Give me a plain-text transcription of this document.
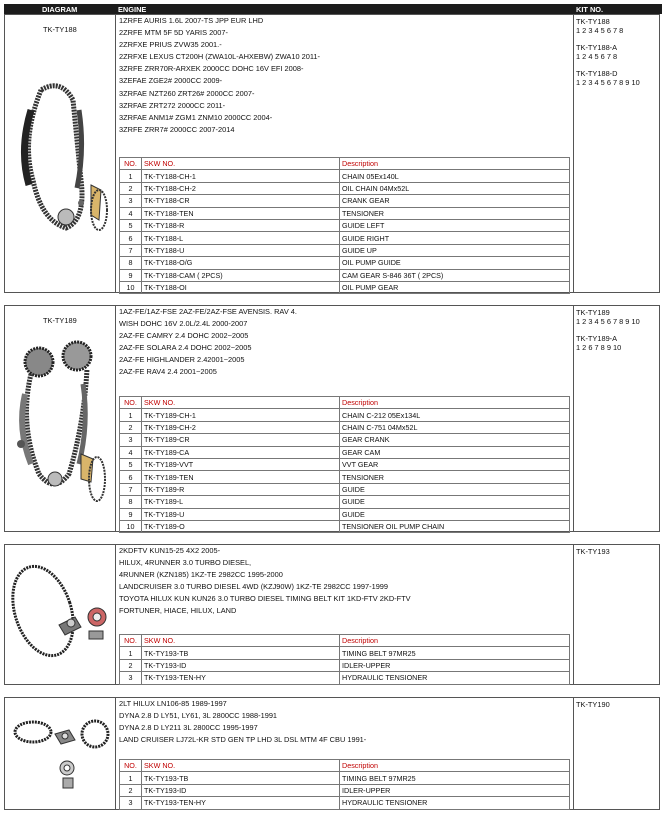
DIAGRAM	ENGINE	KIT NO.
TK-TY188
1ZRFE AURIS 1.6L 2007-TS JPP EUR LHD
2ZRFE MTM 5F 5D YARIS 2007-
2ZRFXE PRIUS ZVW35 2001.-
2ZRFXE LEXUS CT200H (ZWA10L-AHXEBW) ZWA10 2011-
3ZRFE ZRR70R-ARXEK 2000CC DOHC 16V EFI 2008-
3ZEFAE ZGE2# 2000CC 2009-
3ZRFAE NZT260 ZRT26# 2000CC 2007-
3ZRFAE ZRT272 2000CC 2011-
3ZRFAE ANM1# ZGM1 ZNM10 2000CC 2004-
3ZRFE ZRR7# 2000CC 2007-2014
TK-TY188
1 2 3 4 5 6 7 8
TK-TY188-A
1 2 4 5 6 7 8
TK-TY188-D
1 2 3 4 5 6 7 8 9 10
NO.	SKW NO.	Description
1	TK-TY188-CH-1	CHAIN 05Ex140L
2	TK-TY188-CH-2	OIL CHAIN 04Mx52L
3	TK-TY188-CR	CRANK GEAR
4	TK-TY188-TEN	TENSIONER
5	TK-TY188-R	GUIDE LEFT
6	TK-TY188-L	GUIDE RIGHT
7	TK-TY188-U	GUIDE UP
8	TK-TY188-O/G	OIL PUMP GUIDE
9	TK-TY188-CAM ( 2PCS)	CAM GEAR S-846 36T ( 2PCS)
10	TK-TY188-OI	OIL PUMP GEAR
TK-TY189
1AZ-FE/1AZ-FSE 2AZ-FE/2AZ-FSE AVENSIS. RAV 4.
WISH DOHC 16V 2.0L/2.4L 2000-2007
2AZ-FE CAMRY 2.4 DOHC 2002~2005
2AZ-FE SOLARA 2.4 DOHC 2002~2005
2AZ-FE HIGHLANDER 2.42001~2005
2AZ-FE RAV4 2.4 2001~2005
TK-TY189
1 2 3 4 5 6 7 8 9 10
TK-TY189-A
1 2 6 7 8 9 10
NO.	SKW NO.	Description
1	TK-TY189-CH-1	CHAIN C-212 05Ex134L
2	TK-TY189-CH-2	CHAIN C-751 04Mx52L
3	TK-TY189-CR	GEAR CRANK
4	TK-TY189-CA	GEAR CAM
5	TK-TY189-VVT	VVT GEAR
6	TK-TY189-TEN	TENSIONER
7	TK-TY189-R	GUIDE
8	TK-TY189-L	GUIDE
9	TK-TY189-U	GUIDE
10	TK-TY189-O	TENSIONER OIL PUMP CHAIN
2KDFTV KUN15-25 4X2 2005-
HILUX, 4RUNNER 3.0 TURBO DIESEL,
4RUNNER (KZN185) 1KZ-TE 2982CC 1995-2000
LANDCRUISER 3.0 TURBO DIESEL 4WD (KZJ90W) 1KZ-TE 2982CC 1997-1999
TOYOTA HILUX KUN KUN26 3.0 TURBO DIESEL TIMING BELT KIT 1KD-FTV 2KD-FTV
FORTUNER, HIACE, HILUX, LAND
TK-TY193
NO.	SKW NO.	Description
1	TK-TY193-TB	TIMING BELT 97MR25
2	TK-TY193-ID	IDLER-UPPER
3	TK-TY193-TEN-HY	HYDRAULIC TENSIONER
2LT HILUX LN106-85 1989-1997
DYNA 2.8 D LY51, LY61, 3L 2800CC 1988-1991
DYNA 2.8 D LY211 3L 2800CC 1995-1997
LAND CRUISER LJ72L-KR STD GEN TP LHD 3L DSL MTM 4F CBU 1991-
TK-TY190
NO.	SKW NO.	Description
1	TK-TY193-TB	TIMING BELT 97MR25
2	TK-TY193-ID	IDLER-UPPER
3	TK-TY193-TEN-HY	HYDRAULIC TENSIONER
